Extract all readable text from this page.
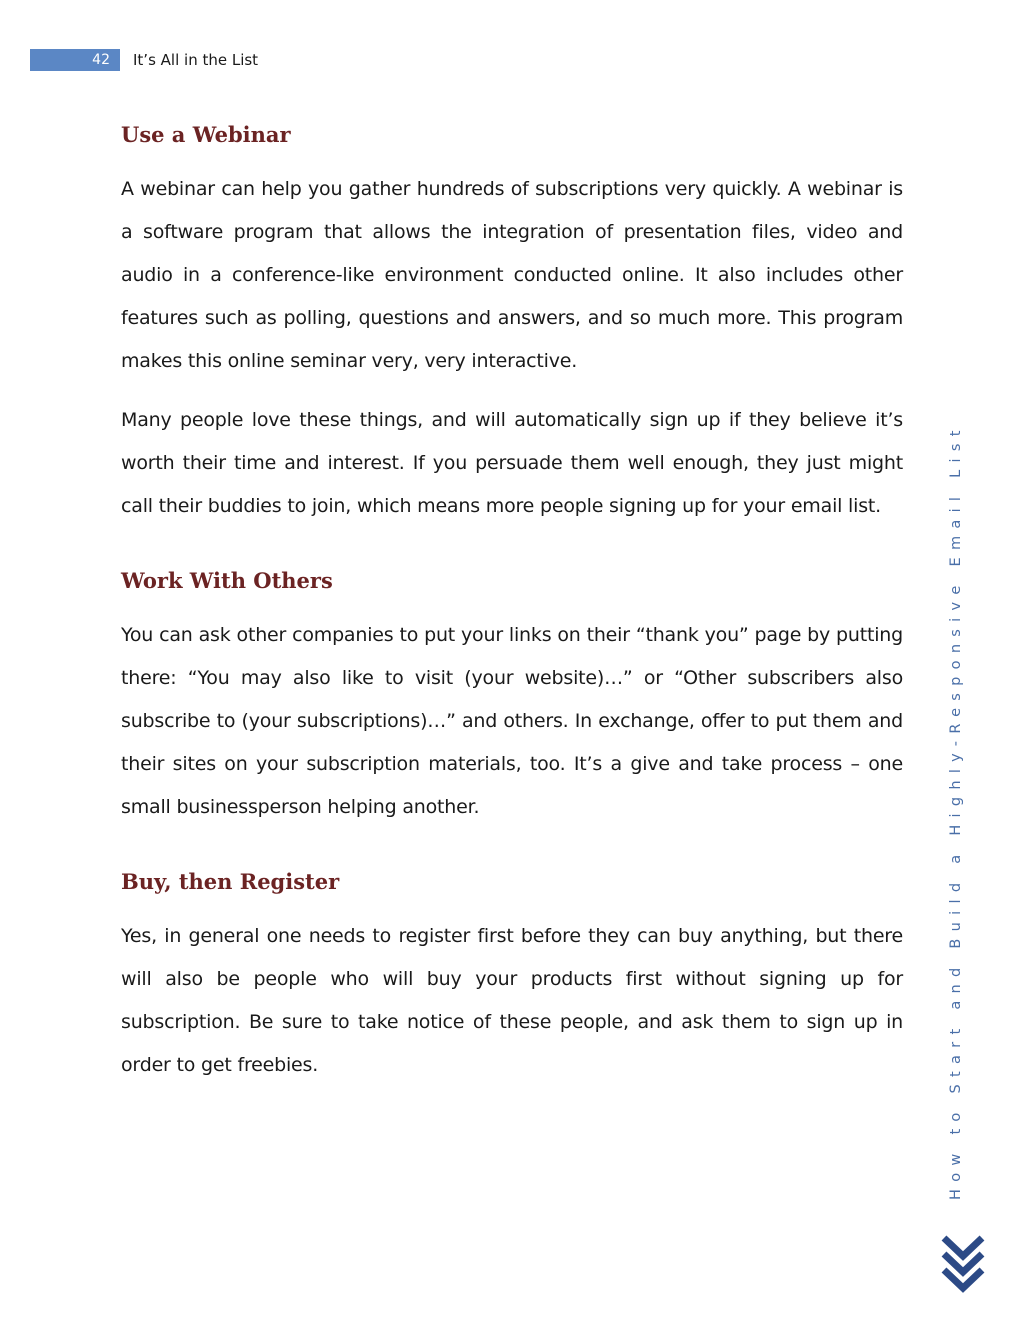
42 It’s All in the List
Use a Webinar

A webinar can help you gather hundreds of subscriptions very quickly. A webinar is a software program that allows the integration of presentation files, video and audio in a conference-like environment conducted online. It also includes other features such as polling, questions and answers, and so much more. This program makes this online seminar very, very interactive.

Many people love these things, and will automatically sign up if they believe it’s worth their time and interest. If you persuade them well enough, they just might call their buddies to join, which means more people signing up for your email list.

Work With Others

You can ask other companies to put your links on their “thank you” page by putting there: “You may also like to visit (your website)…” or “Other subscribers also subscribe to (your subscriptions)…” and others. In exchange, offer to put them and their sites on your subscription materials, too. It’s a give and take process – one small businessperson helping another.

Buy, then Register

Yes, in general one needs to register first before they can buy anything, but there will also be people who will buy your products first without signing up for subscription. Be sure to take notice of these people, and ask them to sign up in order to get freebies.	How to Start and Build a Highly-Responsive Email List
